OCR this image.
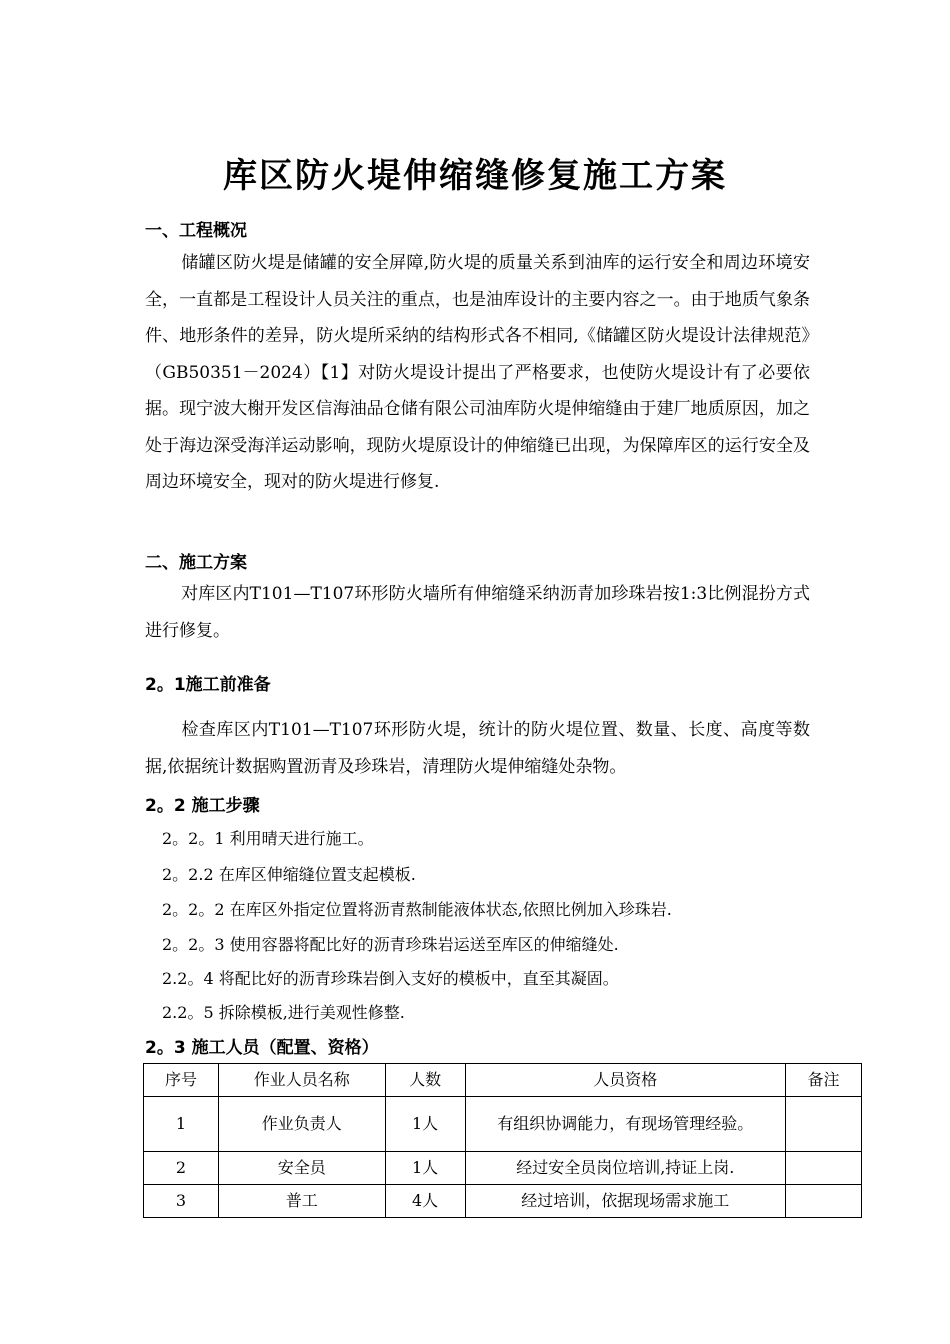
库区防火堤伸缩缝修复施工方案
一、工程概况
储罐区防火堤是储罐的安全屏障,防火堤的质量关系到油库的运行安全和周边环境安全，一直都是工程设计人员关注的重点，也是油库设计的主要内容之一。由于地质气象条件、地形条件的差异，防火堤所采纳的结构形式各不相同,《储罐区防火堤设计法律规范》（GB50351－2024）【1】对防火堤设计提出了严格要求，也使防火堤设计有了必要依据。现宁波大榭开发区信海油品仓储有限公司油库防火堤伸缩缝由于建厂地质原因，加之处于海边深受海洋运动影响，现防火堤原设计的伸缩缝已出现，为保障库区的运行安全及周边环境安全，现对的防火堤进行修复.
二、施工方案
对库区内T101—T107环形防火墙所有伸缩缝采纳沥青加珍珠岩按1:3比例混扮方式进行修复。
2。1施工前准备
检查库区内T101—T107环形防火堤，统计的防火堤位置、数量、长度、高度等数据,依据统计数据购置沥青及珍珠岩，清理防火堤伸缩缝处杂物。
2。2 施工步骤
2。2。1 利用晴天进行施工。
2。2.2 在库区伸缩缝位置支起模板.
2。2。2 在库区外指定位置将沥青熬制能液体状态,依照比例加入珍珠岩.
2。2。3 使用容器将配比好的沥青珍珠岩运送至库区的伸缩缝处.
2.2。4 将配比好的沥青珍珠岩倒入支好的模板中，直至其凝固。
2.2。5 拆除模板,进行美观性修整.
2。3 施工人员（配置、资格）
序号	作业人员名称	人数	人员资格	备注
1	作业负责人	1人	有组织协调能力，有现场管理经验。	
2	安全员	1人	经过安全员岗位培训,持证上岗.	
3	普工	4人	经过培训，依据现场需求施工	
